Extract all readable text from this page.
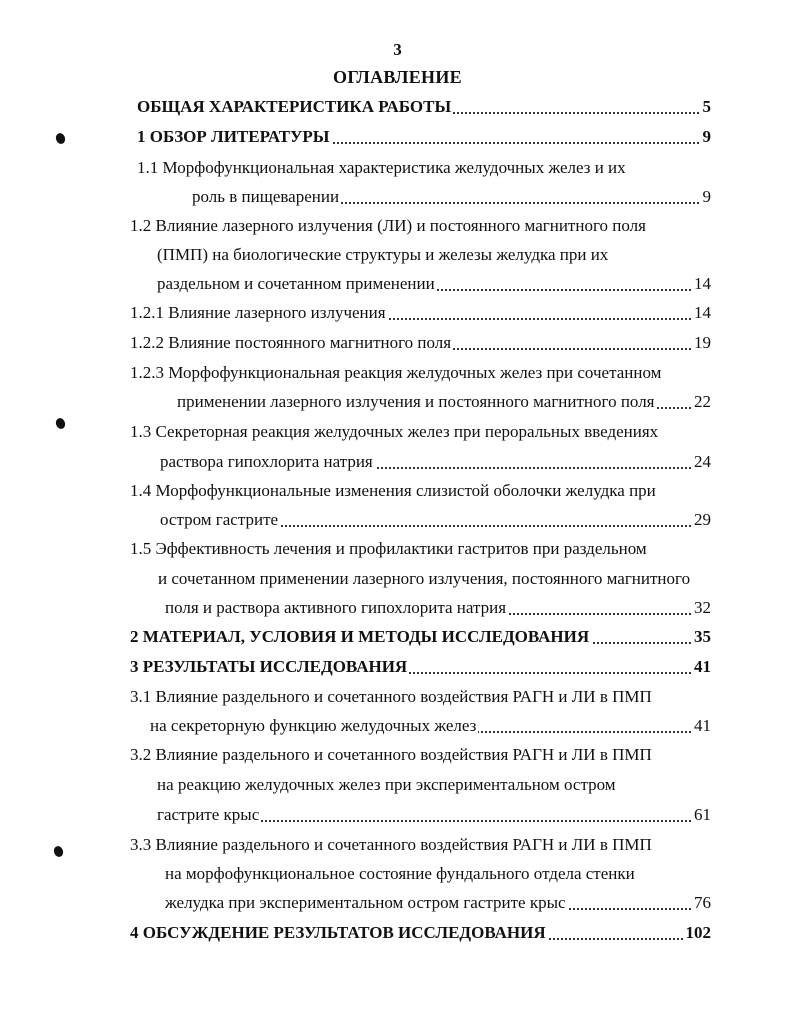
3
ОГЛАВЛЕНИЕ
ОБЩАЯ ХАРАКТЕРИСТИКА РАБОТЫ	5
1 ОБЗОР ЛИТЕРАТУРЫ	9
1.1 Морфофункциональная характеристика желудочных желез и их
роль в пищеварении	9
1.2 Влияние лазерного излучения (ЛИ) и постоянного магнитного поля
(ПМП) на биологические структуры и железы желудка при их
раздельном и сочетанном применении	14
1.2.1 Влияние лазерного излучения	14
1.2.2 Влияние постоянного магнитного поля	19
1.2.3 Морфофункциональная реакция желудочных желез при сочетанном
применении лазерного излучения и постоянного магнитного поля 22
1.3 Секреторная реакция желудочных желез при пероральных введениях
раствора гипохлорита натрия	24
1.4 Морфофункциональные изменения слизистой оболочки желудка при
остром гастрите	29
1.5 Эффективность лечения и профилактики гастритов при раздельном
и сочетанном применении лазерного излучения, постоянного магнитного
поля и раствора активного гипохлорита натрия	32
2 МАТЕРИАЛ, УСЛОВИЯ И МЕТОДЫ ИССЛЕДОВАНИЯ	35
3 РЕЗУЛЬТАТЫ ИССЛЕДОВАНИЯ	41
3.1 Влияние раздельного и сочетанного воздействия РАГН и ЛИ в ПМП
на секреторную функцию желудочных желез	41
3.2 Влияние раздельного и сочетанного воздействия РАГН и ЛИ в ПМП
на реакцию желудочных желез при экспериментальном остром
гастрите крыс	61
3.3 Влияние раздельного и сочетанного воздействия РАГН и ЛИ в ПМП
на морфофункциональное состояние фундального отдела стенки
желудка при экспериментальном остром гастрите крыс	76
4 ОБСУЖДЕНИЕ РЕЗУЛЬТАТОВ ИССЛЕДОВАНИЯ	102
